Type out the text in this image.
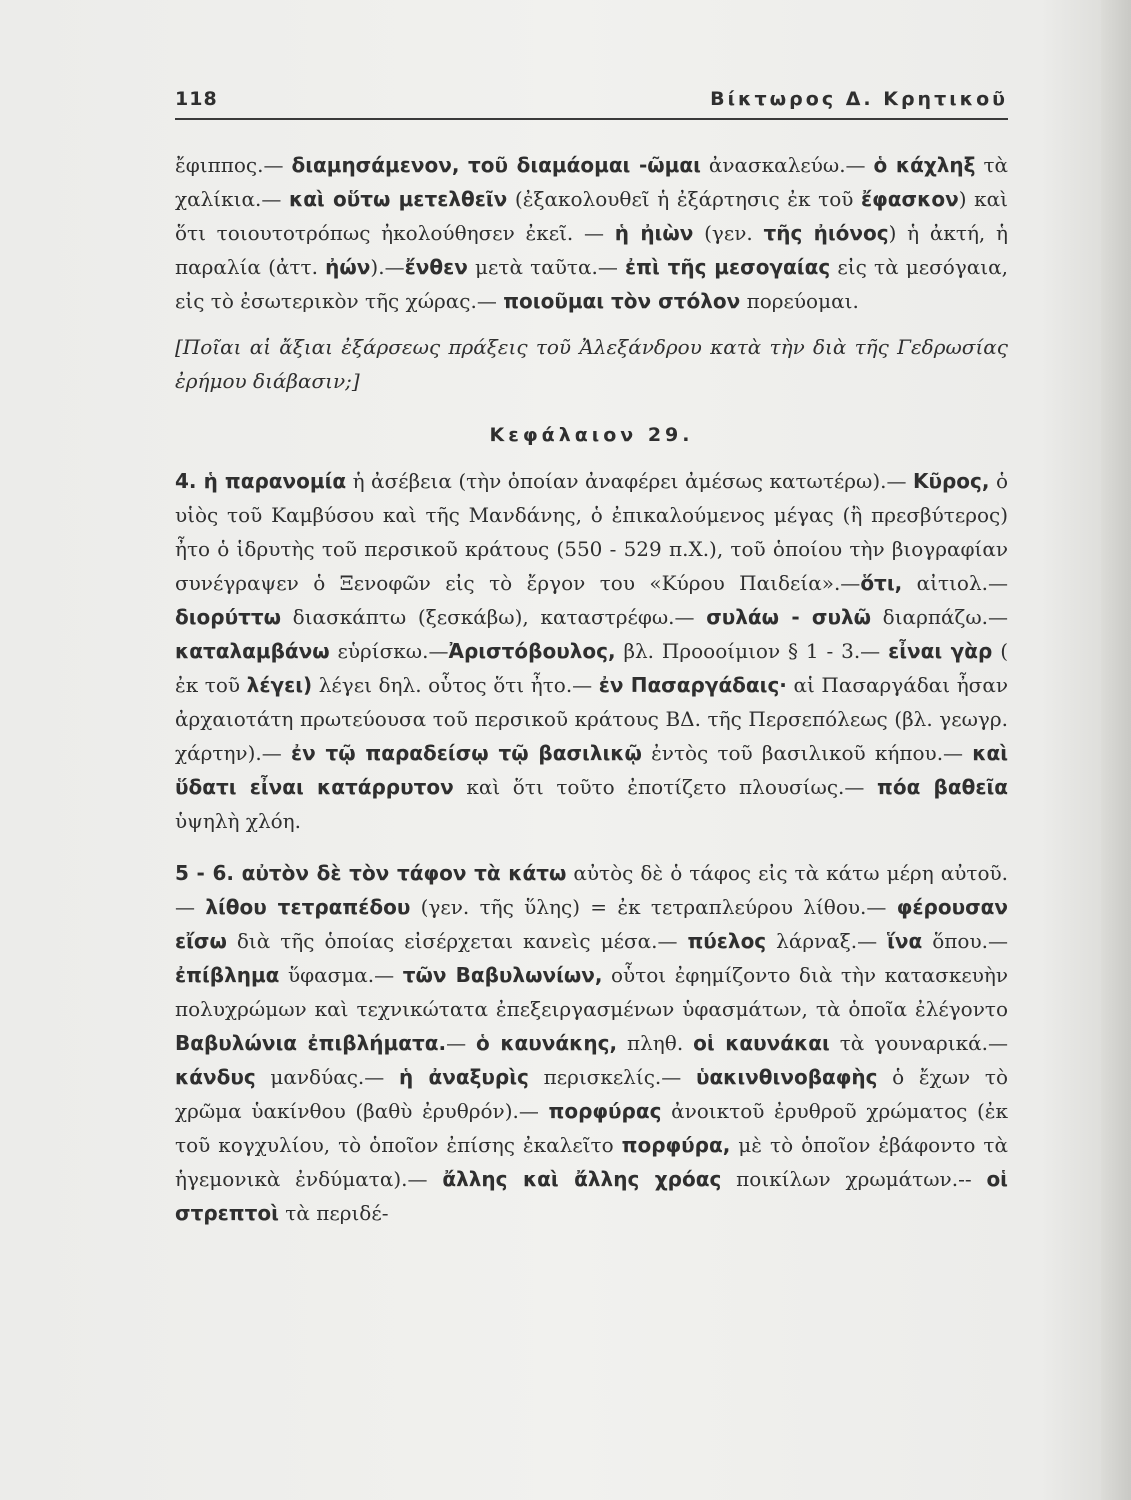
118	Βίκτωρος Δ. Κρητικοῦ

ἔφιππος.— διαμησάμενον, τοῦ διαμάομαι -ῶμαι ἀνασκαλεύω.— ὁ κάχληξ τὰ χαλίκια.— καὶ οὕτω μετελθεῖν (ἐξακολουθεῖ ἡ ἐξάρτησις ἐκ τοῦ ἔφασκον) καὶ ὅτι τοιουτοτρόπως ἠκολούθησεν ἐκεῖ. — ἡ ἠιὼν (γεν. τῆς ἠιόνος) ἡ ἀκτή, ἡ παραλία (ἀττ. ἠών).—ἔνθεν μετὰ ταῦτα.— ἐπὶ τῆς μεσογαίας εἰς τὰ μεσόγαια, εἰς τὸ ἐσωτερικὸν τῆς χώρας.— ποιοῦμαι τὸν στόλον πορεύομαι.

[Ποῖαι αἱ ἄξιαι ἐξάρσεως πράξεις τοῦ Ἀλεξάνδρου κατὰ τὴν διὰ τῆς Γεδρωσίας ἐρήμου διάβασιν;]

Κεφάλαιον 29.

4. ἡ παρανομία ἡ ἀσέβεια (τὴν ὁποίαν ἀναφέρει ἀμέσως κατωτέρω).— Κῦρος, ὁ υἱὸς τοῦ Καμβύσου καὶ τῆς Μανδάνης, ὁ ἐπικαλούμενος μέγας (ἢ πρεσβύτερος) ἦτο ὁ ἱδρυτὴς τοῦ περσικοῦ κράτους (550 - 529 π.Χ.), τοῦ ὁποίου τὴν βιογραφίαν συνέγραψεν ὁ Ξενοφῶν εἰς τὸ ἔργον του «Κύρου Παιδεία».—ὅτι, αἰτιολ.— διορύττω διασκάπτω (ξεσκάβω), καταστρέφω.— συλάω - συλῶ διαρπάζω.— καταλαμβάνω εὑρίσκω.—Ἀριστόβουλος, βλ. Προοοίμιον § 1 - 3.— εἶναι γὰρ ( ἐκ τοῦ λέγει) λέγει δηλ. οὗτος ὅτι ἦτο.— ἐν Πασαργάδαις· αἱ Πασαργάδαι ἦσαν ἀρχαιοτάτη πρωτεύουσα τοῦ περσικοῦ κράτους ΒΔ. τῆς Περσεπόλεως (βλ. γεωγρ. χάρτην).— ἐν τῷ παραδείσῳ τῷ βασιλικῷ ἐντὸς τοῦ βασιλικοῦ κήπου.— καὶ ὕδατι εἶναι κατάρρυτον καὶ ὅτι τοῦτο ἐποτίζετο πλουσίως.— πόα βαθεῖα ὑψηλὴ χλόη.

5 - 6. αὐτὸν δὲ τὸν τάφον τὰ κάτω αὐτὸς δὲ ὁ τάφος εἰς τὰ κάτω μέρη αὐτοῦ.— λίθου τετραπέδου (γεν. τῆς ὕλης) = ἐκ τετραπλεύρου λίθου.— φέρουσαν εἴσω διὰ τῆς ὁποίας εἰσέρχεται κανεὶς μέσα.— πύελος λάρναξ.— ἵνα ὅπου.— ἐπίβλημα ὕφασμα.— τῶν Βαβυλωνίων, οὗτοι ἐφημίζοντο διὰ τὴν κατασκευὴν πολυχρώμων καὶ τεχνικώτατα ἐπεξειργασμένων ὑφασμάτων, τὰ ὁποῖα ἐλέγοντο Βαβυλώνια ἐπιβλήματα.— ὁ καυνάκης, πληθ. οἱ καυνάκαι τὰ γουναρικά.— κάνδυς μανδύας.— ἡ ἀναξυρὶς περισκελίς.— ὑακινθινοβαφὴς ὁ ἔχων τὸ χρῶμα ὑακίνθου (βαθὺ ἐρυθρόν).— πορφύρας ἀνοικτοῦ ἐρυθροῦ χρώματος (ἐκ τοῦ κογχυλίου, τὸ ὁποῖον ἐπίσης ἐκαλεῖτο πορφύρα, μὲ τὸ ὁποῖον ἐβάφοντο τὰ ἡγεμονικὰ ἐνδύματα).— ἄλλης καὶ ἄλλης χρόας ποικίλων χρωμάτων.-- οἱ στρεπτοὶ τὰ περιδέ-
